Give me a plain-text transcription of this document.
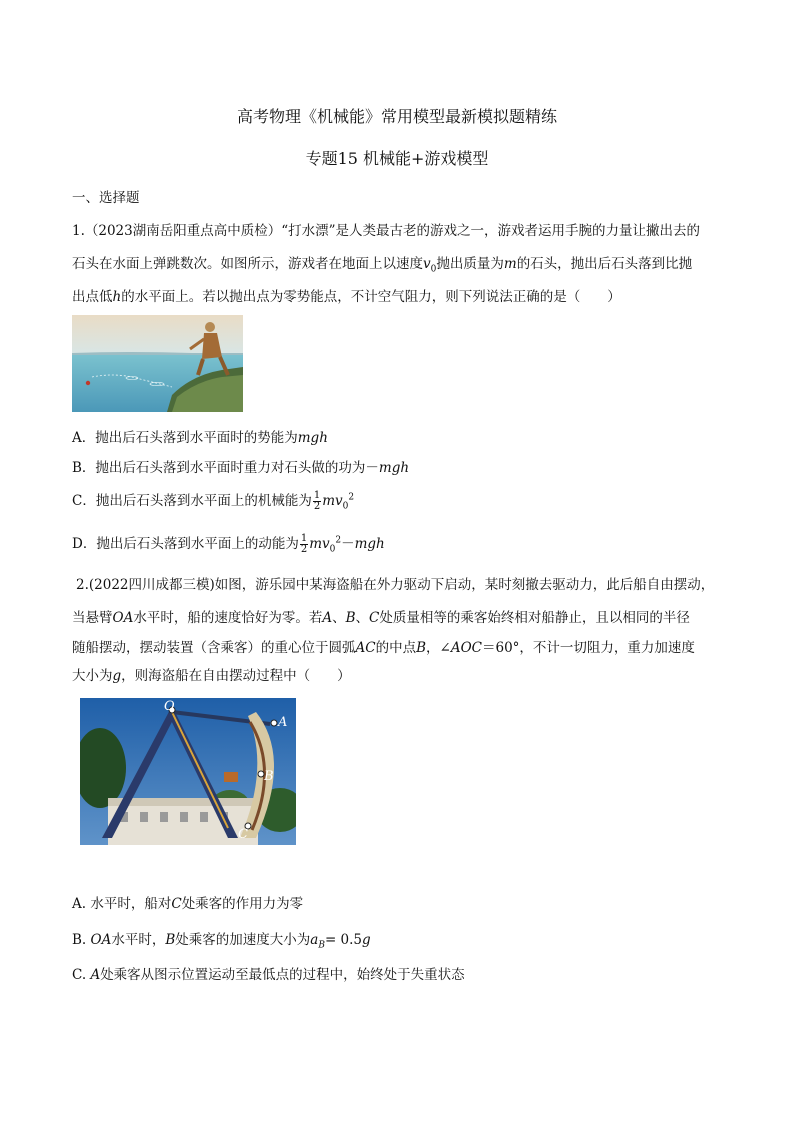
高考物理《机械能》常用模型最新模拟题精练
专题15 机械能+游戏模型
一、选择题
1.（2023湖南岳阳重点高中质检）“打水漂”是人类最古老的游戏之一，游戏者运用手腕的力量让撇出去的
石头在水面上弹跳数次。如图所示，游戏者在地面上以速度$v_0$抛出质量为m的石头，抛出后石头落到比抛
出点低h的水平面上。若以抛出点为零势能点，不计空气阻力，则下列说法正确的是（　　）
A．抛出后石头落到水平面时的势能为mgh
B．抛出后石头落到水平面时重力对石头做的功为－mgh
C．抛出后石头落到水平面上的机械能为 $\frac{1}{2} mv_0^2$
D．抛出后石头落到水平面上的动能为 $\frac{1}{2} mv_0^2-mgh$
2.(2022四川成都三模)如图，游乐园中某海盗船在外力驱动下启动，某时刻撤去驱动力，此后船自由摆动，
当悬臂OA水平时，船的速度恰好为零。若A、B、C处质量相等的乘客始终相对船静止，且以相同的半径
随船摆动，摆动装置（含乘客）的重心位于圆弧AC的中点B，∠AOC＝60°，不计一切阻力，重力加速度
大小为g，则海盗船在自由摆动过程中（　　）
O
A
B
C
A. 水平时，船对C处乘客的作用力为零
B. OA水平时，B处乘客的加速度大小为$a_B= 0.5g$
C. A处乘客从图示位置运动至最低点的过程中，始终处于失重状态
